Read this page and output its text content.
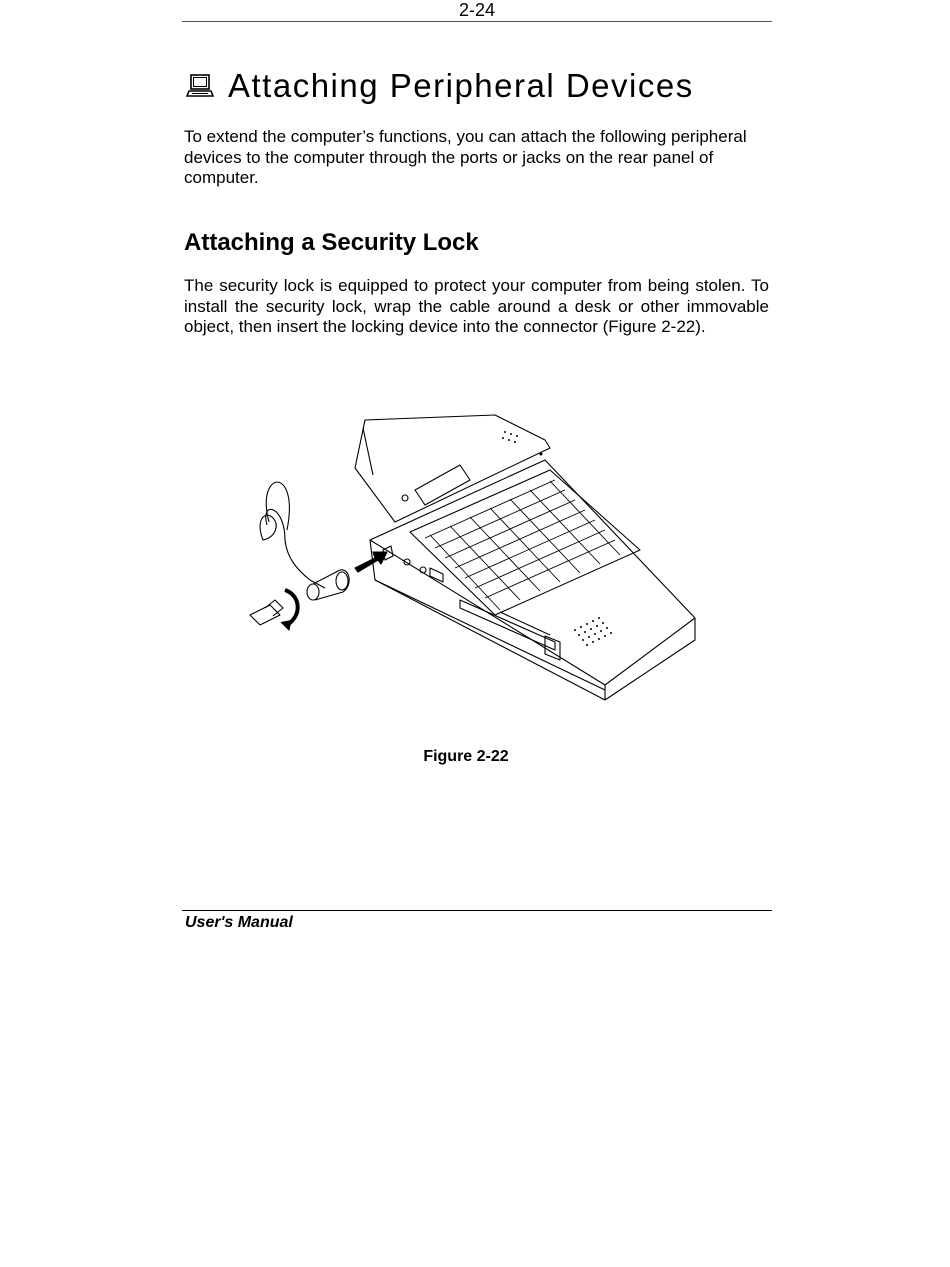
2-24
Attaching Peripheral Devices

To extend the computer’s functions, you can attach the following peripheral devices to the computer through the ports or jacks on the rear panel of computer.

Attaching a Security Lock

The security lock is equipped to protect your computer from being stolen. To install the security lock, wrap the cable around a desk or other immovable object, then insert the locking device into the connector (Figure 2-22).

Figure 2-22
User's Manual
